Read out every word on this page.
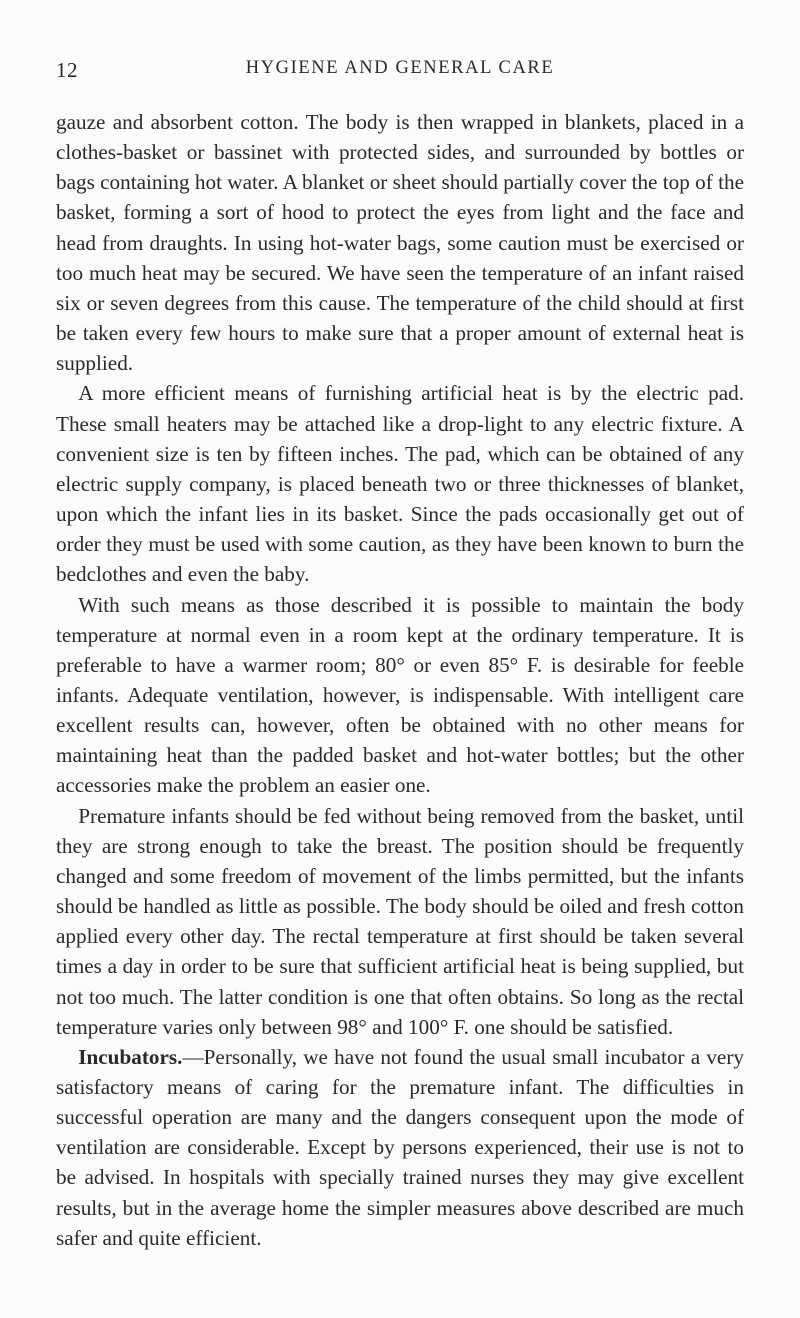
12	HYGIENE AND GENERAL CARE

gauze and absorbent cotton. The body is then wrapped in blankets, placed in a clothes-basket or bassinet with protected sides, and surrounded by bottles or bags containing hot water. A blanket or sheet should partially cover the top of the basket, forming a sort of hood to protect the eyes from light and the face and head from draughts. In using hot-water bags, some caution must be exercised or too much heat may be secured. We have seen the temperature of an infant raised six or seven degrees from this cause. The temperature of the child should at first be taken every few hours to make sure that a proper amount of external heat is supplied.

A more efficient means of furnishing artificial heat is by the electric pad. These small heaters may be attached like a drop-light to any electric fixture. A convenient size is ten by fifteen inches. The pad, which can be obtained of any electric supply company, is placed beneath two or three thicknesses of blanket, upon which the infant lies in its basket. Since the pads occasionally get out of order they must be used with some caution, as they have been known to burn the bedclothes and even the baby.

With such means as those described it is possible to maintain the body temperature at normal even in a room kept at the ordinary temperature. It is preferable to have a warmer room; 80° or even 85° F. is desirable for feeble infants. Adequate ventilation, however, is indispensable. With intelligent care excellent results can, however, often be obtained with no other means for maintaining heat than the padded basket and hot-water bottles; but the other accessories make the problem an easier one.

Premature infants should be fed without being removed from the basket, until they are strong enough to take the breast. The position should be frequently changed and some freedom of movement of the limbs permitted, but the infants should be handled as little as possible. The body should be oiled and fresh cotton applied every other day. The rectal temperature at first should be taken several times a day in order to be sure that sufficient artificial heat is being supplied, but not too much. The latter condition is one that often obtains. So long as the rectal temperature varies only between 98° and 100° F. one should be satisfied.

Incubators.—Personally, we have not found the usual small incubator a very satisfactory means of caring for the premature infant. The difficulties in successful operation are many and the dangers consequent upon the mode of ventilation are considerable. Except by persons experienced, their use is not to be advised. In hospitals with specially trained nurses they may give excellent results, but in the average home the simpler measures above described are much safer and quite efficient.
